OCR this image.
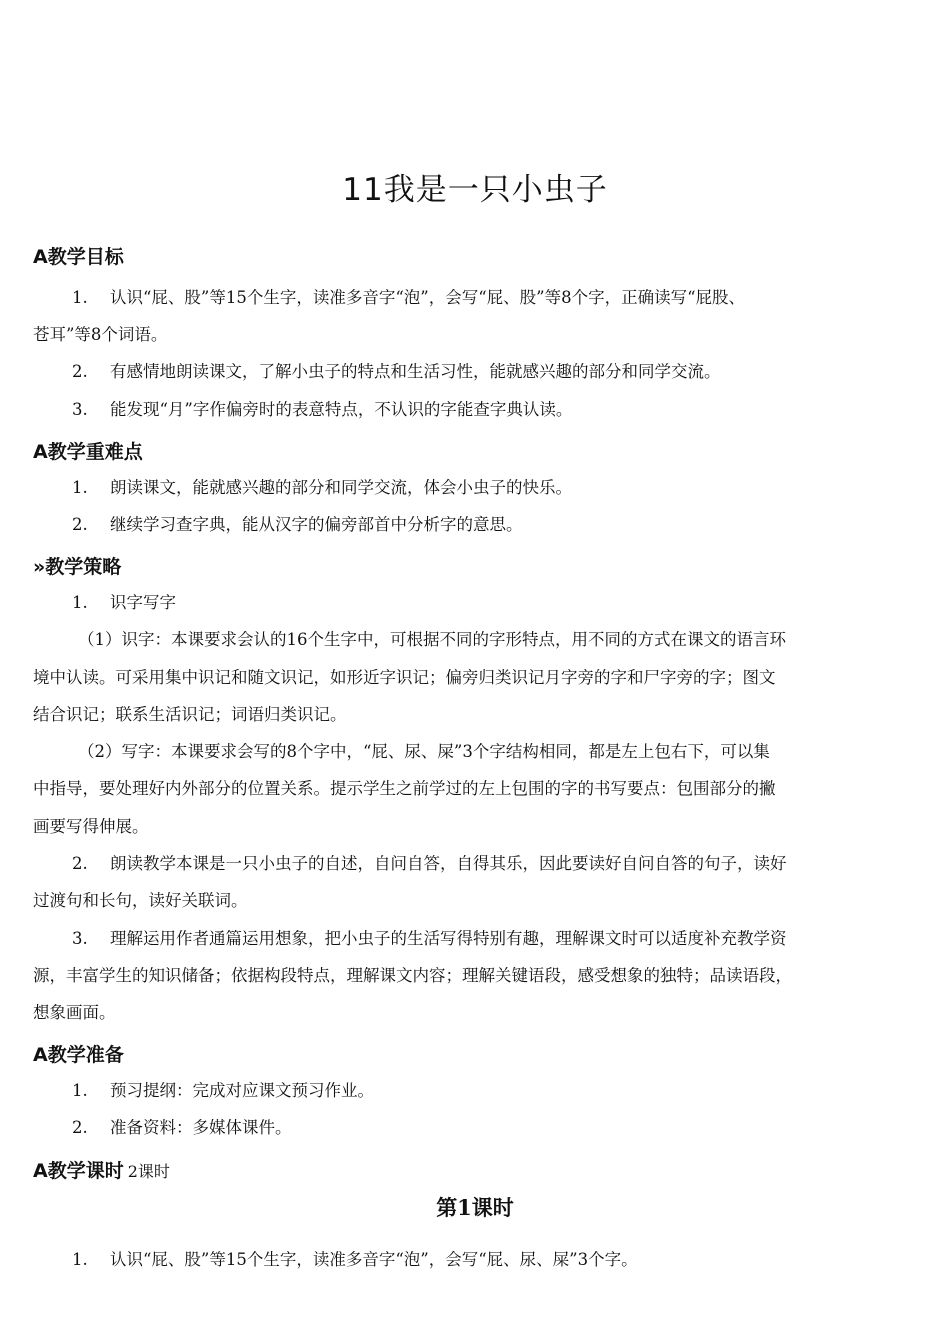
11我是一只小虫子
A教学目标

1. 认识“屁、股”等15个生字，读准多音字“泡”，会写“屁、股”等8个字，正确读写“屁股、

苍耳”等8个词语。

2. 有感情地朗读课文，了解小虫子的特点和生活习性，能就感兴趣的部分和同学交流。

3. 能发现“月”字作偏旁时的表意特点，不认识的字能查字典认读。

A教学重难点

1. 朗读课文，能就感兴趣的部分和同学交流，体会小虫子的快乐。

2. 继续学习查字典，能从汉字的偏旁部首中分析字的意思。

»教学策略

1. 识字写字

（1）识字：本课要求会认的16个生字中，可根据不同的字形特点，用不同的方式在课文的语言环

境中认读。可采用集中识记和随文识记，如形近字识记；偏旁归类识记月字旁的字和尸字旁的字；图文

结合识记；联系生活识记；词语归类识记。

（2）写字：本课要求会写的8个字中，“屁、尿、屎”3个字结构相同，都是左上包右下，可以集

中指导，要处理好内外部分的位置关系。提示学生之前学过的左上包围的字的书写要点：包围部分的撇

画要写得伸展。

2. 朗读教学本课是一只小虫子的自述，自问自答，自得其乐，因此要读好自问自答的句子，读好

过渡句和长句，读好关联词。

3. 理解运用作者通篇运用想象，把小虫子的生活写得特别有趣，理解课文时可以适度补充教学资

源，丰富学生的知识储备；依据构段特点，理解课文内容；理解关键语段，感受想象的独特；品读语段，

想象画面。

A教学准备

1. 预习提纲：完成对应课文预习作业。

2. 准备资料：多媒体课件。

A教学课时 2课时
第1课时

1. 认识“屁、股”等15个生字，读准多音字“泡”，会写“屁、尿、屎”3个字。
